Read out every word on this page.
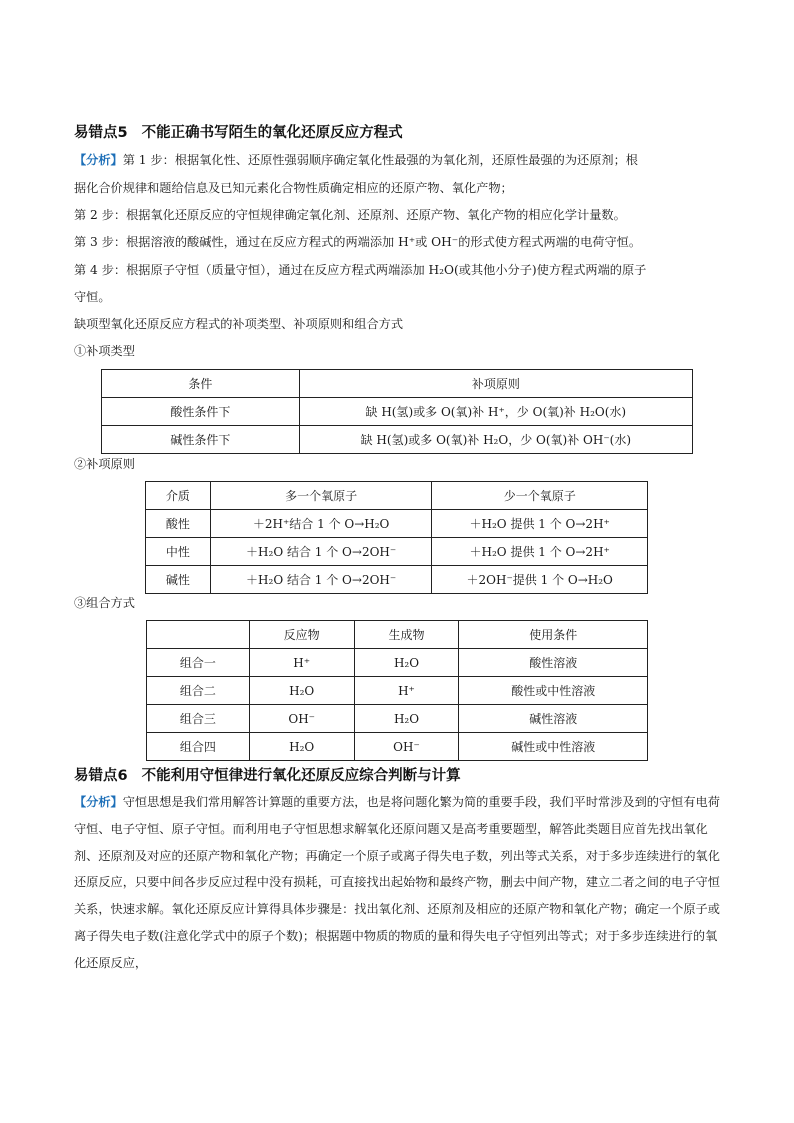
易错点5 不能正确书写陌生的氧化还原反应方程式
【分析】第 1 步：根据氧化性、还原性强弱顺序确定氧化性最强的为氧化剂，还原性最强的为还原剂；根
据化合价规律和题给信息及已知元素化合物性质确定相应的还原产物、氧化产物；
第 2 步：根据氧化还原反应的守恒规律确定氧化剂、还原剂、还原产物、氧化产物的相应化学计量数。
第 3 步：根据溶液的酸碱性，通过在反应方程式的两端添加 H⁺或 OH⁻的形式使方程式两端的电荷守恒。
第 4 步：根据原子守恒（质量守恒），通过在反应方程式两端添加 H₂O(或其他小分子)使方程式两端的原子
守恒。
缺项型氧化还原反应方程式的补项类型、补项原则和组合方式
①补项类型
条件	补项原则
酸性条件下	缺 H(氢)或多 O(氧)补 H⁺，少 O(氧)补 H₂O(水)
碱性条件下	缺 H(氢)或多 O(氧)补 H₂O，少 O(氧)补 OH⁻(水)
②补项原则
介质	多一个氧原子	少一个氧原子
酸性	＋2H⁺结合 1 个 O→H₂O	＋H₂O 提供 1 个 O→2H⁺
中性	＋H₂O 结合 1 个 O→2OH⁻	＋H₂O 提供 1 个 O→2H⁺
碱性	＋H₂O 结合 1 个 O→2OH⁻	＋2OH⁻提供 1 个 O→H₂O
③组合方式
	反应物	生成物	使用条件
组合一	H⁺	H₂O	酸性溶液
组合二	H₂O	H⁺	酸性或中性溶液
组合三	OH⁻	H₂O	碱性溶液
组合四	H₂O	OH⁻	碱性或中性溶液
易错点6 不能利用守恒律进行氧化还原反应综合判断与计算
【分析】守恒思想是我们常用解答计算题的重要方法，也是将问题化繁为简的重要手段，我们平时常涉及到的守恒有电荷守恒、电子守恒、原子守恒。而利用电子守恒思想求解氧化还原问题又是高考重要题型，解答此类题目应首先找出氧化剂、还原剂及对应的还原产物和氧化产物；再确定一个原子或离子得失电子数，列出等式关系，对于多步连续进行的氧化还原反应，只要中间各步反应过程中没有损耗，可直接找出起始物和最终产物，删去中间产物，建立二者之间的电子守恒关系，快速求解。氧化还原反应计算得具体步骤是：找出氧化剂、还原剂及相应的还原产物和氧化产物；确定一个原子或离子得失电子数(注意化学式中的原子个数)；根据题中物质的物质的量和得失电子守恒列出等式；对于多步连续进行的氧化还原反应，
